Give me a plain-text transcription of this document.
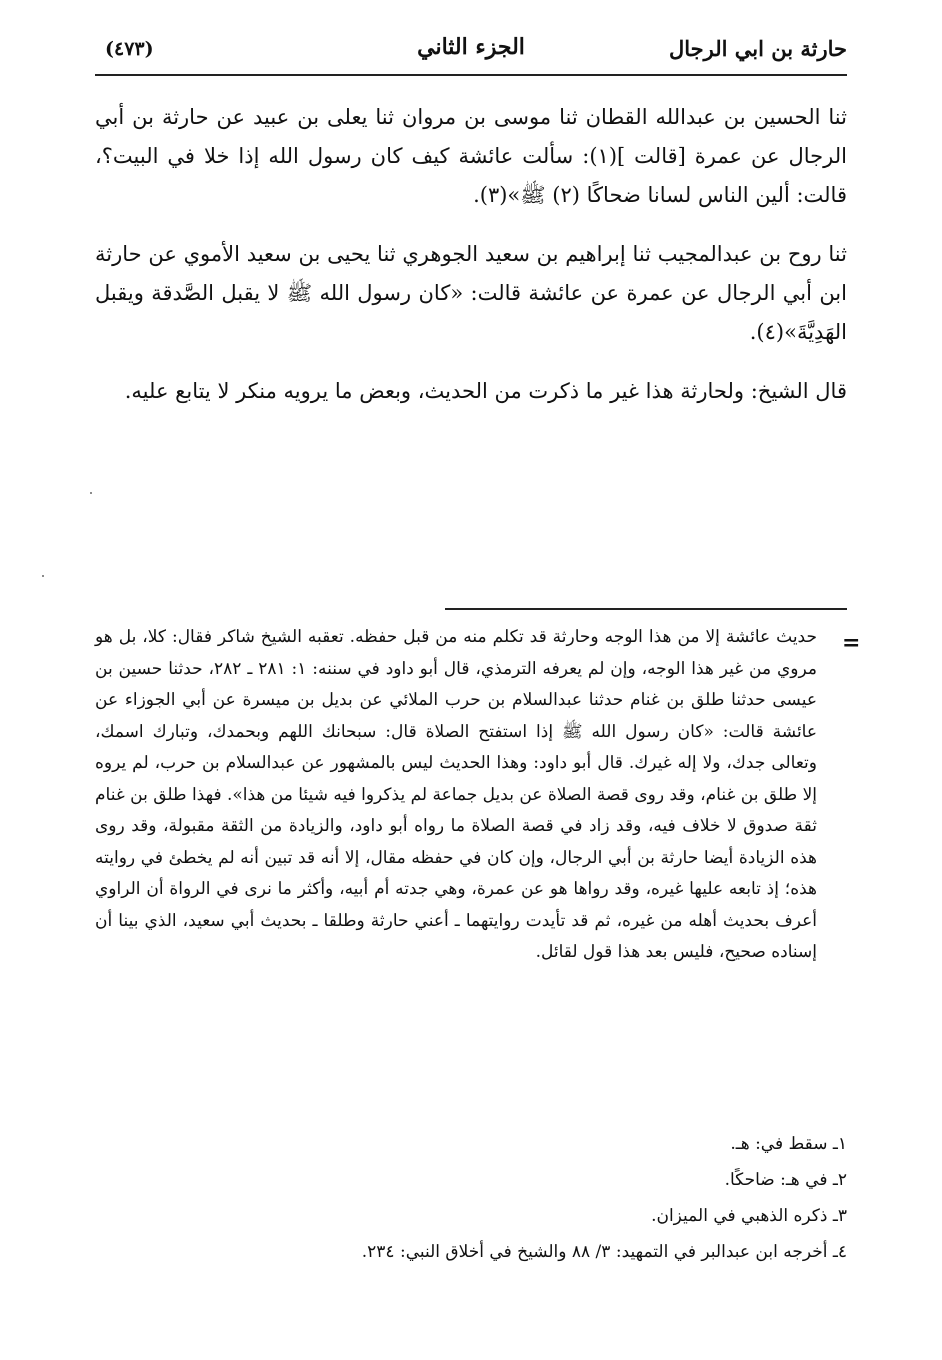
حارثة بن ابي الرجال
الجزء الثاني
(٤٧٣)

ثنا الحسين بن عبدالله القطان ثنا موسى بن مروان ثنا يعلى بن عبيد عن حارثة بن أبي الرجال عن عمرة [قالت ](١): سألت عائشة كيف كان رسول الله إذا خلا في البيت؟، قالت: ألين الناس لسانا ضحاكًا (٢) ﷺ»(٣).

ثنا روح بن عبدالمجيب ثنا إبراهيم بن سعيد الجوهري ثنا يحيى بن سعيد الأموي عن حارثة ابن أبي الرجال عن عمرة عن عائشة قالت: «كان رسول الله ﷺ لا يقبل الصَّدقة ويقبل الهَدِيَّةَ»(٤).

قال الشيخ: ولحارثة هذا غير ما ذكرت من الحديث، وبعض ما يرويه منكر لا يتابع عليه.

=

حديث عائشة إلا من هذا الوجه وحارثة قد تكلم منه من قبل حفظه. تعقبه الشيخ شاكر فقال: كلا، بل هو مروي من غير هذا الوجه، وإن لم يعرفه الترمذي، قال أبو داود في سننه: ١: ٢٨١ ـ ٢٨٢، حدثنا حسين بن عيسى حدثنا طلق بن غنام حدثنا عبدالسلام بن حرب الملائي عن بديل بن ميسرة عن أبي الجوزاء عن عائشة قالت: «كان رسول الله ﷺ إذا استفتح الصلاة قال: سبحانك اللهم وبحمدك، وتبارك اسمك، وتعالى جدك، ولا إله غيرك. قال أبو داود: وهذا الحديث ليس بالمشهور عن عبدالسلام بن حرب، لم يروه إلا طلق بن غنام، وقد روى قصة الصلاة عن بديل جماعة لم يذكروا فيه شيئا من هذا». فهذا طلق بن غنام ثقة صدوق لا خلاف فيه، وقد زاد في قصة الصلاة ما رواه أبو داود، والزيادة من الثقة مقبولة، وقد روى هذه الزيادة أيضا حارثة بن أبي الرجال، وإن كان في حفظه مقال، إلا أنه قد تبين أنه لم يخطئ في روايته هذه؛ إذ تابعه عليها غيره، وقد رواها هو عن عمرة، وهي جدته أم أبيه، وأكثر ما نرى في الرواة أن الراوي أعرف بحديث أهله من غيره، ثم قد تأيدت روايتهما ـ أعني حارثة وطلقا ـ بحديث أبي سعيد، الذي بينا أن إسناده صحيح، فليس بعد هذا قول لقائل.

١ـ سقط في: هـ.
٢ـ في هـ: ضاحكًا.
٣ـ ذكره الذهبي في الميزان.
٤ـ أخرجه ابن عبدالبر في التمهيد: ٣/ ٨٨ والشيخ في أخلاق النبي: ٢٣٤.
